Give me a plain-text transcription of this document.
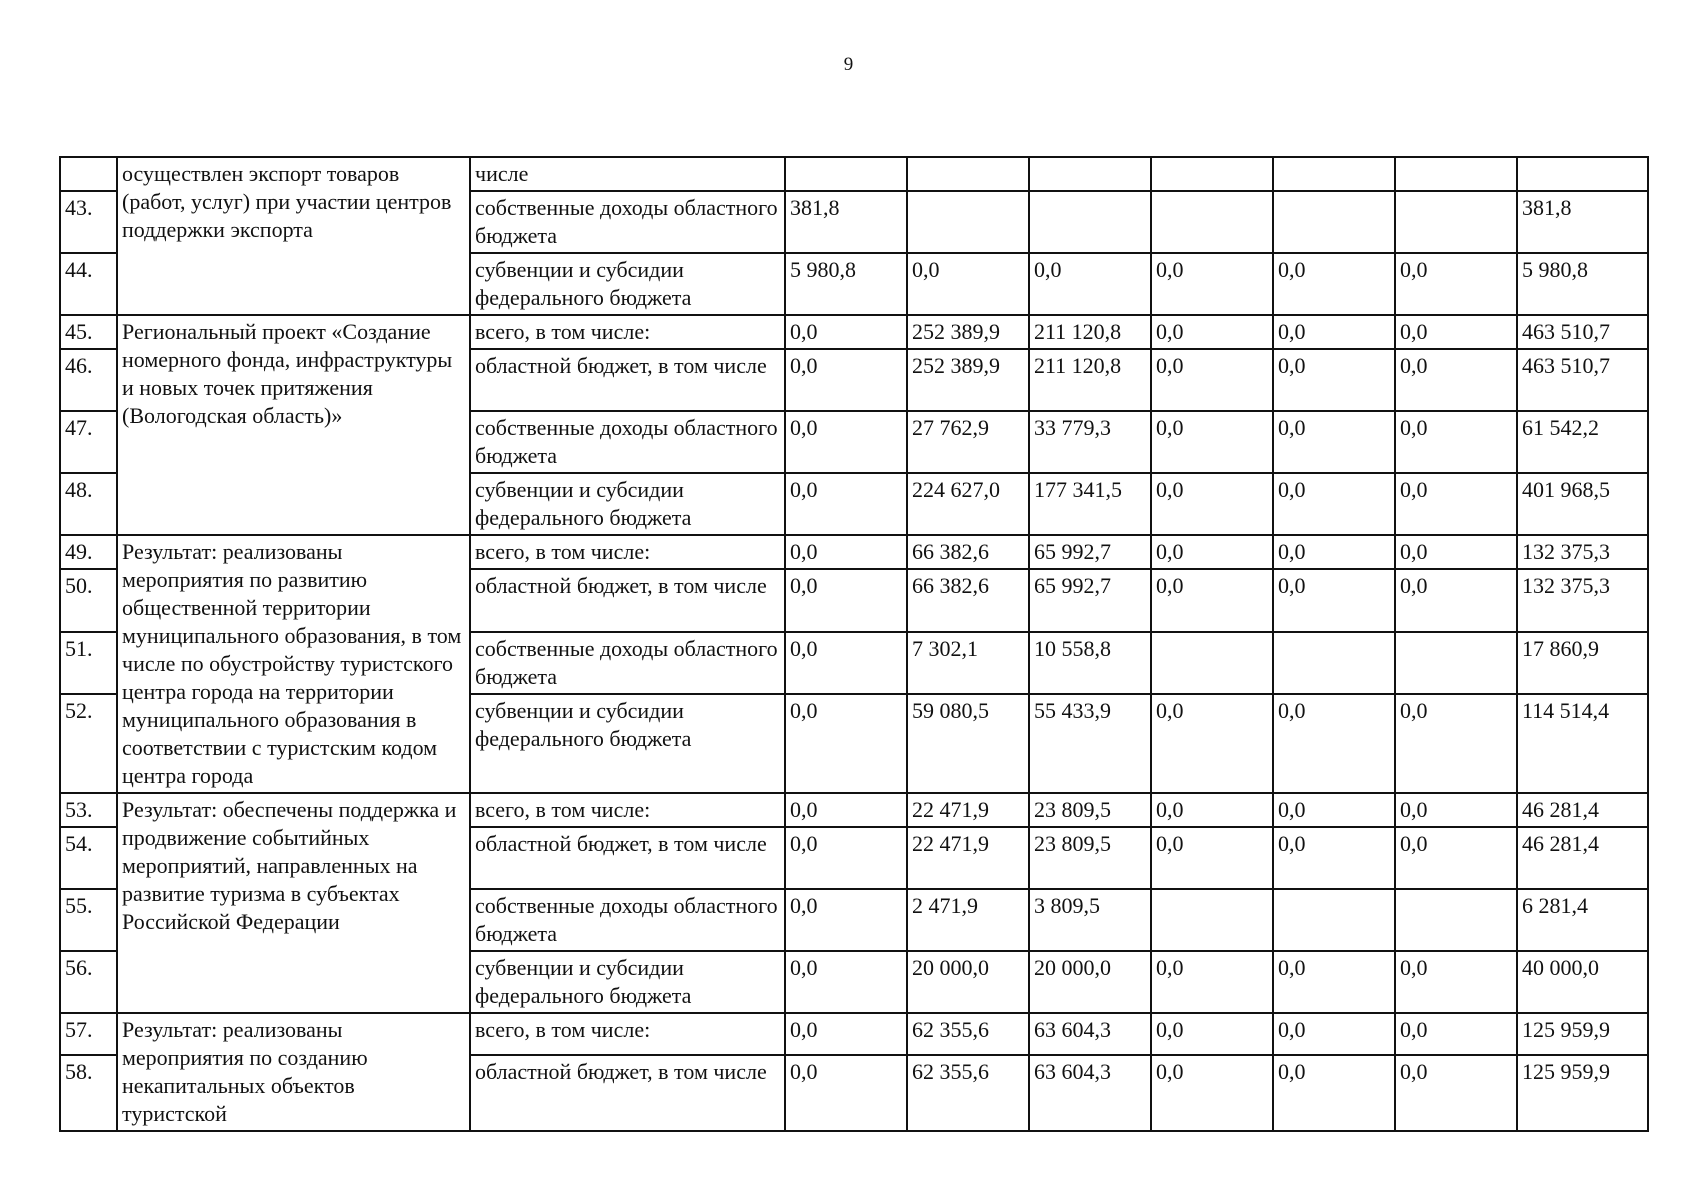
9
	осуществлен экспорт товаров (работ, услуг) при участии центров поддержки экспорта	числе							
43.		собственные доходы областного бюджета	381,8						381,8
44.		субвенции и субсидии федерального бюджета	5 980,8	0,0	0,0	0,0	0,0	0,0	5 980,8
45.	Региональный проект «Создание номерного фонда, инфраструктуры и новых точек притяжения (Вологодская область)»	всего, в том числе:	0,0	252 389,9	211 120,8	0,0	0,0	0,0	463 510,7
46.		областной бюджет, в том числе	0,0	252 389,9	211 120,8	0,0	0,0	0,0	463 510,7
47.		собственные доходы областного бюджета	0,0	27 762,9	33 779,3	0,0	0,0	0,0	61 542,2
48.		субвенции и субсидии федерального бюджета	0,0	224 627,0	177 341,5	0,0	0,0	0,0	401 968,5
49.	Результат: реализованы мероприятия по развитию общественной территории муниципального образования, в том числе по обустройству туристского центра города на территории муниципального образования в соответствии с туристским кодом центра города	всего, в том числе:	0,0	66 382,6	65 992,7	0,0	0,0	0,0	132 375,3
50.		областной бюджет, в том числе	0,0	66 382,6	65 992,7	0,0	0,0	0,0	132 375,3
51.		собственные доходы областного бюджета	0,0	7 302,1	10 558,8				17 860,9
52.		субвенции и субсидии федерального бюджета	0,0	59 080,5	55 433,9	0,0	0,0	0,0	114 514,4
53.	Результат: обеспечены поддержка и продвижение событийных мероприятий, направленных на развитие туризма в субъектах Российской Федерации	всего, в том числе:	0,0	22 471,9	23 809,5	0,0	0,0	0,0	46 281,4
54.		областной бюджет, в том числе	0,0	22 471,9	23 809,5	0,0	0,0	0,0	46 281,4
55.		собственные доходы областного бюджета	0,0	2 471,9	3 809,5				6 281,4
56.		субвенции и субсидии федерального бюджета	0,0	20 000,0	20 000,0	0,0	0,0	0,0	40 000,0
57.	Результат: реализованы мероприятия по созданию некапитальных объектов туристской	всего, в том числе:	0,0	62 355,6	63 604,3	0,0	0,0	0,0	125 959,9
58.		областной бюджет, в том числе	0,0	62 355,6	63 604,3	0,0	0,0	0,0	125 959,9
